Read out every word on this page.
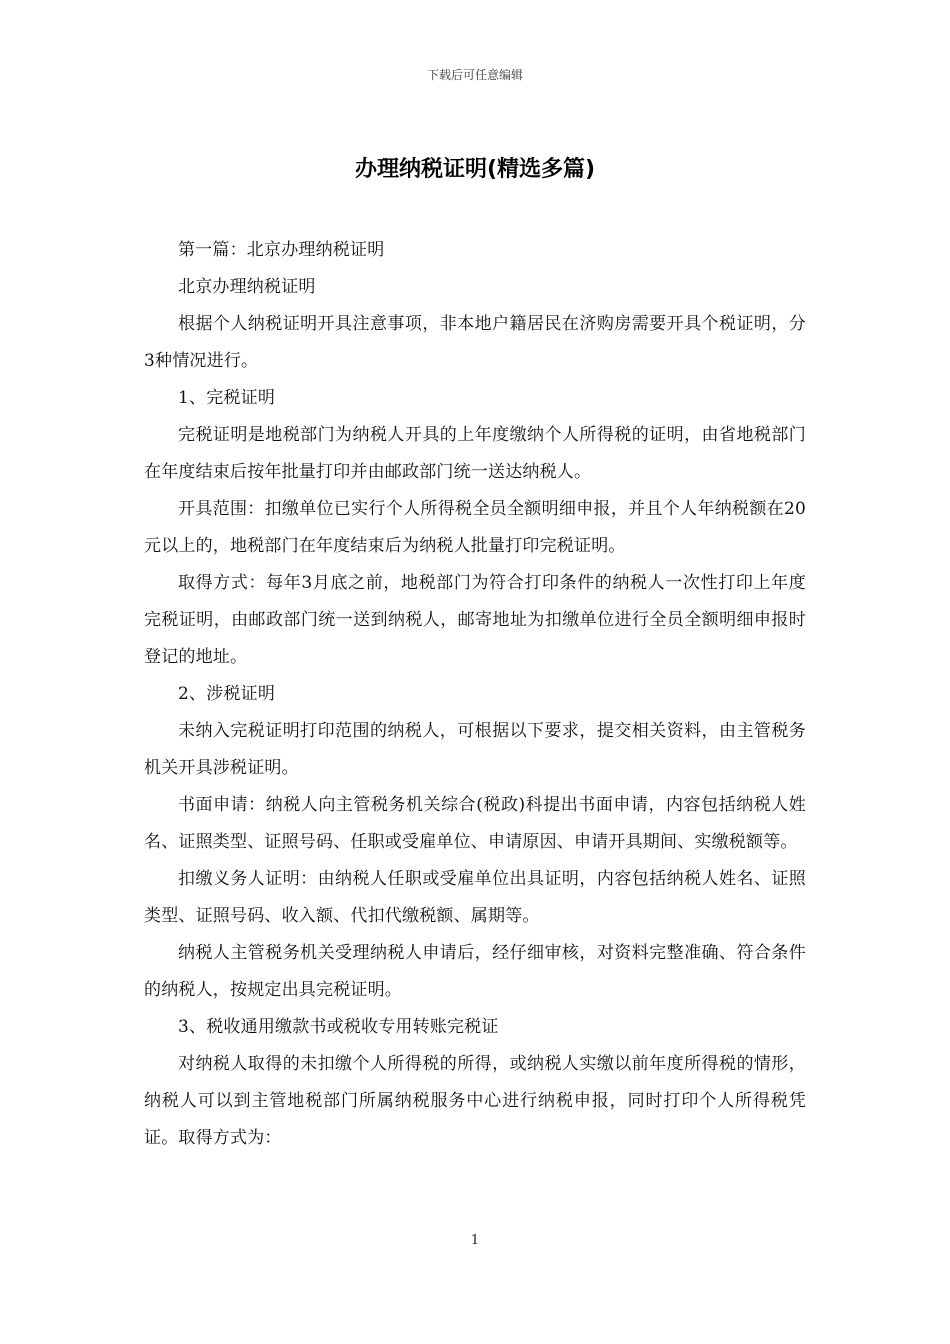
下载后可任意编辑
办理纳税证明(精选多篇)

第一篇：北京办理纳税证明

北京办理纳税证明

根据个人纳税证明开具注意事项，非本地户籍居民在济购房需要开具个税证明，分3种情况进行。

1、完税证明

完税证明是地税部门为纳税人开具的上年度缴纳个人所得税的证明，由省地税部门在年度结束后按年批量打印并由邮政部门统一送达纳税人。

开具范围：扣缴单位已实行个人所得税全员全额明细申报，并且个人年纳税额在20元以上的，地税部门在年度结束后为纳税人批量打印完税证明。

取得方式：每年3月底之前，地税部门为符合打印条件的纳税人一次性打印上年度完税证明，由邮政部门统一送到纳税人，邮寄地址为扣缴单位进行全员全额明细申报时登记的地址。

2、涉税证明

未纳入完税证明打印范围的纳税人，可根据以下要求，提交相关资料，由主管税务机关开具涉税证明。

书面申请：纳税人向主管税务机关综合(税政)科提出书面申请，内容包括纳税人姓名、证照类型、证照号码、任职或受雇单位、申请原因、申请开具期间、实缴税额等。

扣缴义务人证明：由纳税人任职或受雇单位出具证明，内容包括纳税人姓名、证照类型、证照号码、收入额、代扣代缴税额、属期等。

纳税人主管税务机关受理纳税人申请后，经仔细审核，对资料完整准确、符合条件的纳税人，按规定出具完税证明。

3、税收通用缴款书或税收专用转账完税证

对纳税人取得的未扣缴个人所得税的所得，或纳税人实缴以前年度所得税的情形，纳税人可以到主管地税部门所属纳税服务中心进行纳税申报，同时打印个人所得税凭证。取得方式为：

1
